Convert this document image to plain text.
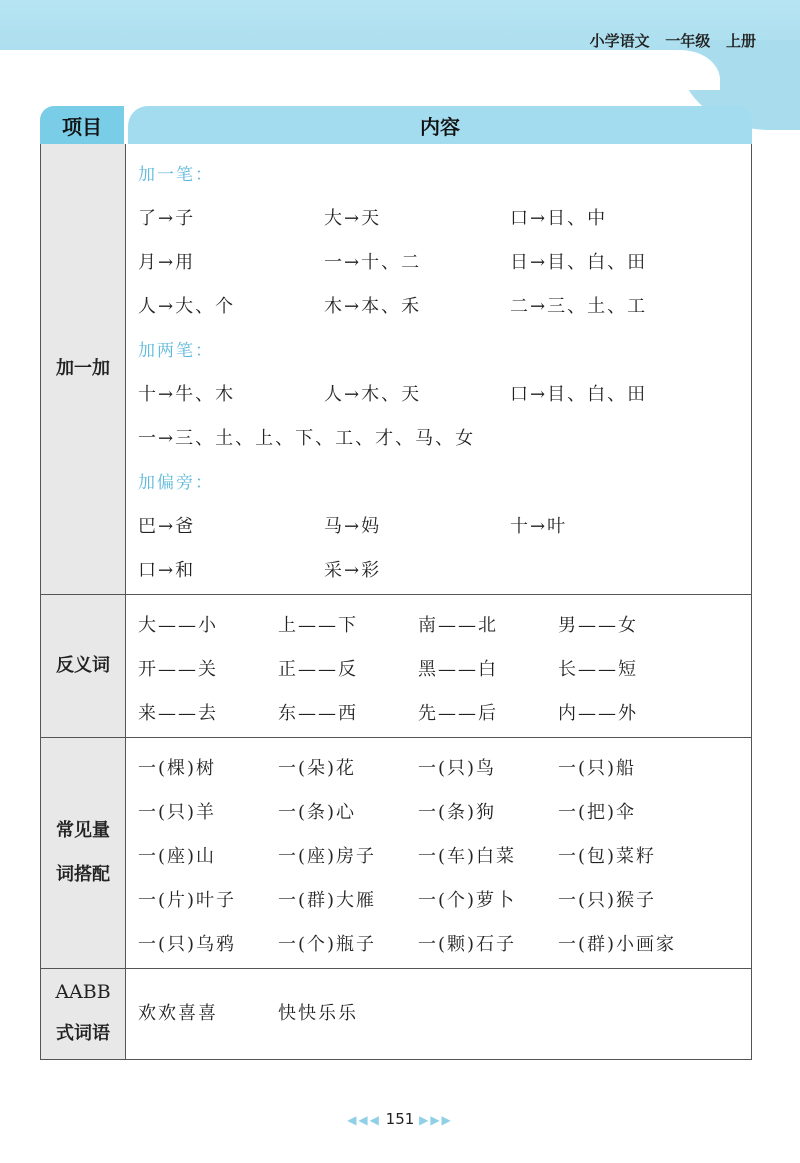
小学语文 一年级 上册
项目	内容
加一加
加一笔：
了→子	大→天	口→日、中
月→用	一→十、二	日→目、白、田
人→大、个	木→本、禾	二→三、土、工
加两笔：
十→牛、木	人→木、天	口→目、白、田
一→三、土、上、下、工、才、马、女
加偏旁：
巴→爸	马→妈	十→叶
口→和	采→彩
反义词
大——小	上——下	南——北	男——女
开——关	正——反	黑——白	长——短
来——去	东——西	先——后	内——外
常见量
词搭配
一(棵)树	一(朵)花	一(只)鸟	一(只)船
一(只)羊	一(条)心	一(条)狗	一(把)伞
一(座)山	一(座)房子 一(车)白菜 一(包)菜籽
一(片)叶子 一(群)大雁 一(个)萝卜 一(只)猴子
一(只)乌鸦 一(个)瓶子 一(颗)石子 一(群)小画家
AABB
式词语
欢欢喜喜	快快乐乐
◀◀◀ 151 ▶▶▶
